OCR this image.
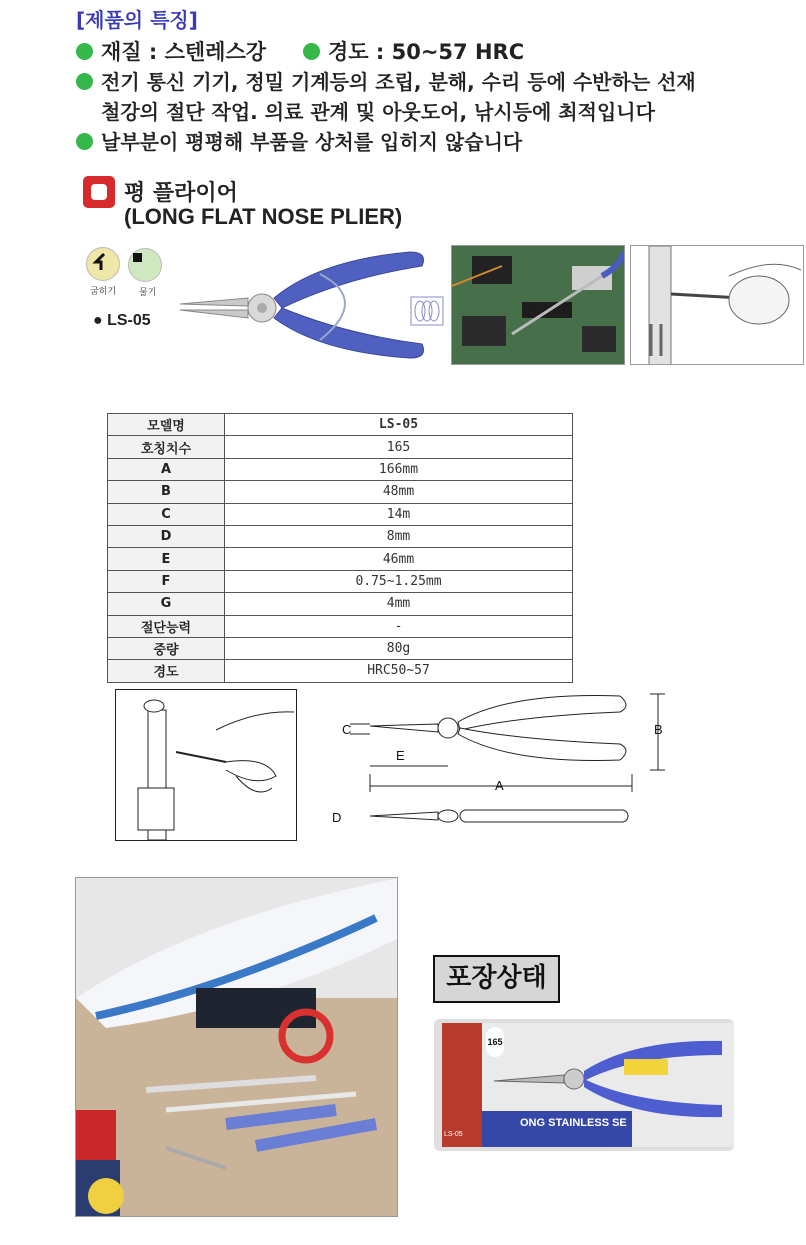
[제품의 특징]
재질 : 스텐레스강	경도 : 50~57 HRC
전기 통신 기기, 정밀 기계등의 조립, 분해, 수리 등에 수반하는 선재
철강의 절단 작업. 의료 관계 및 아웃도어, 낚시등에 최적입니다
날부분이 평평해 부품을 상처를 입히지 않습니다
평 플라이어
(LONG FLAT NOSE PLIER)
굽히기	물기
● LS-05
모델명	LS-05
호칭치수	165
A	166mm
B	48mm
C	14m
D	8mm
E	46mm
F	0.75~1.25mm
G	4mm
절단능력	-
중량	80g
경도	HRC50~57
A
B
C
D
E
포장상태
165
LS-05
ONG STAINLESS SE
